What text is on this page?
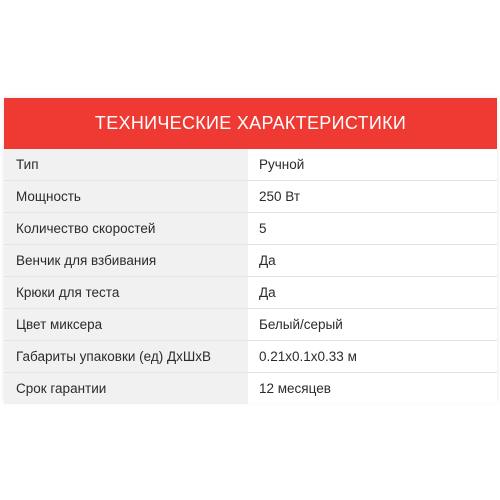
ТЕХНИЧЕСКИЕ ХАРАКТЕРИСТИКИ
Тип	Ручной
Мощность	250 Вт
Количество скоростей	5
Венчик для взбивания	Да
Крюки для теста	Да
Цвет миксера	Белый/серый
Габариты упаковки (ед) ДхШхВ	0.21x0.1x0.33 м
Срок гарантии	12 месяцев
